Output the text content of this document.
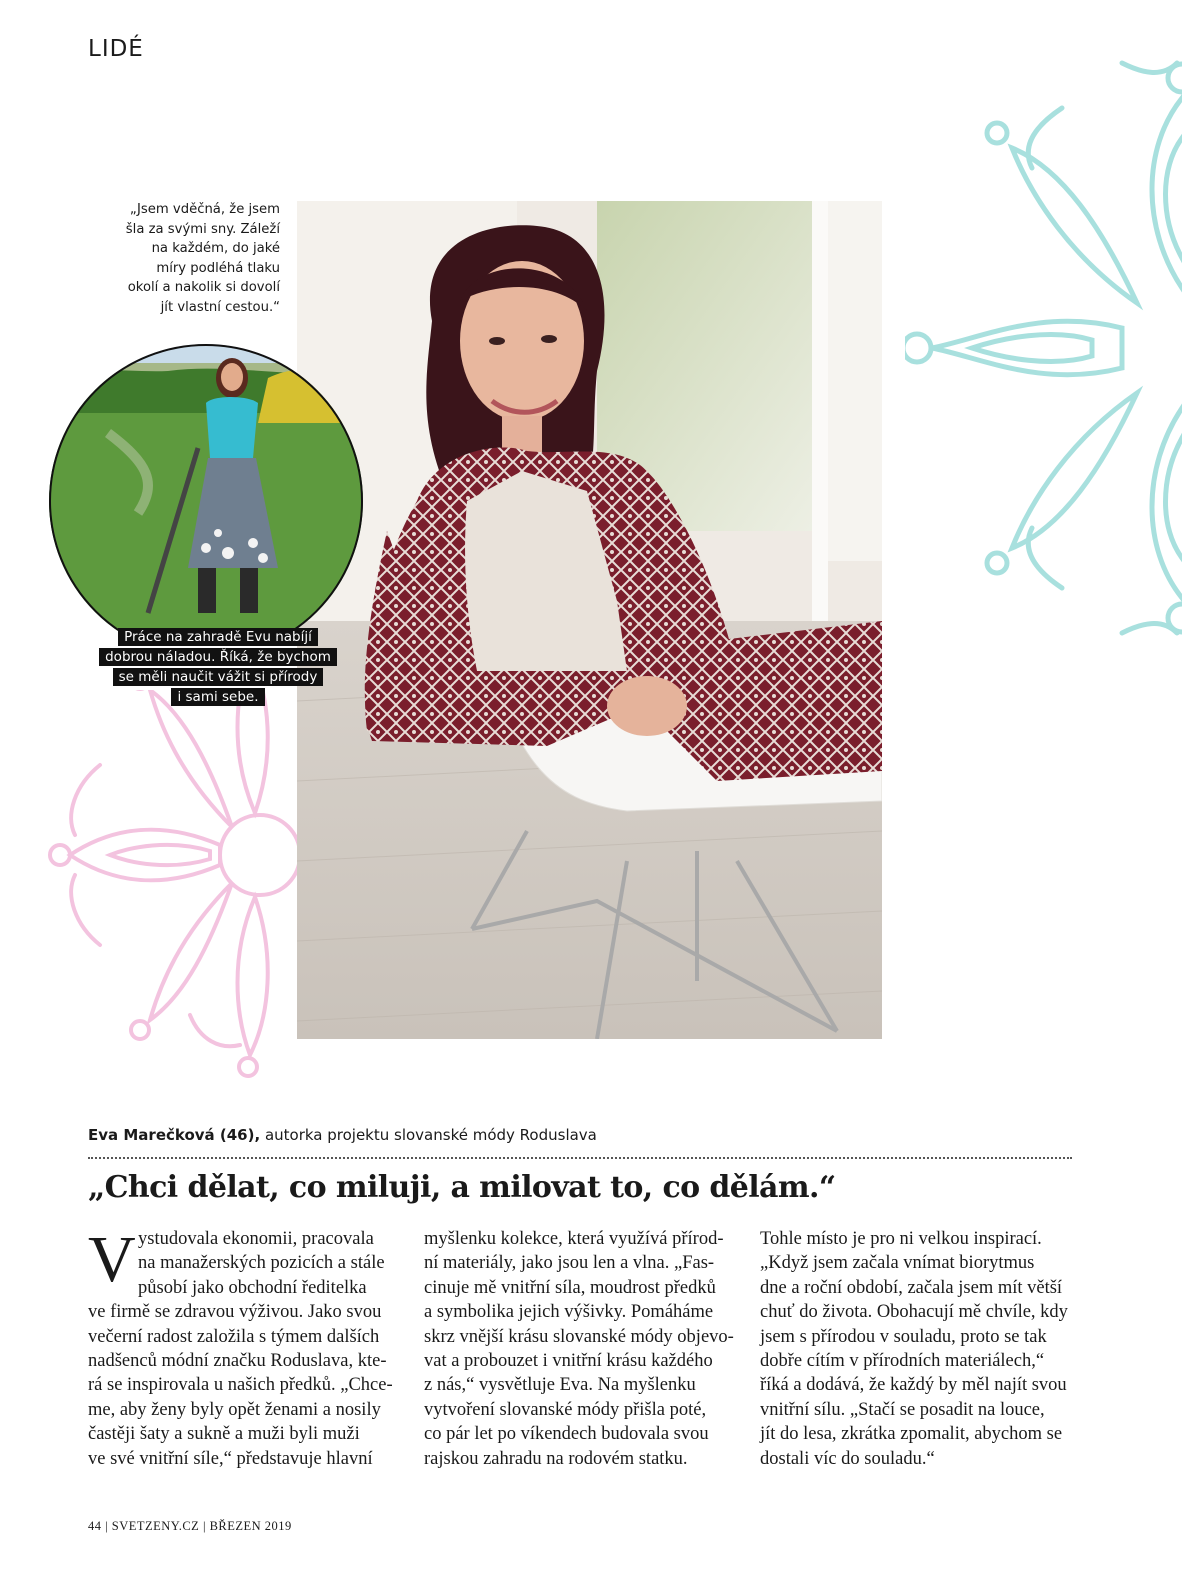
LIDÉ
„Jsem vděčná, že jsem
šla za svými sny. Záleží
na každém, do jaké
míry podléhá tlaku
okolí a nakolik si dovolí
jít vlastní cestou.“
Práce na zahradě Evu nabíjí
dobrou náladou. Říká, že bychom
se měli naučit vážit si přírody
i sami sebe.
Eva Marečková (46), autorka projektu slovanské módy Roduslava
„Chci dělat, co miluji, a milovat to, co dělám.“
V ystudovala ekonomii, pracovala
na manažerských pozicích a stále
působí jako obchodní ředitelka
ve firmě se zdravou výživou. Jako svou
večerní radost založila s týmem dalších
nadšenců módní značku Roduslava, kte-
rá se inspirovala u našich předků. „Chce-
me, aby ženy byly opět ženami a nosily
častěji šaty a sukně a muži byli muži
ve své vnitřní síle,“ představuje hlavní
myšlenku kolekce, která využívá přírod-
ní materiály, jako jsou len a vlna. „Fas-
cinuje mě vnitřní síla, moudrost předků
a symbolika jejich výšivky. Pomáháme
skrz vnější krásu slovanské módy objevo-
vat a probouzet i vnitřní krásu každého
z nás,“ vysvětluje Eva. Na myšlenku
vytvoření slovanské módy přišla poté,
co pár let po víkendech budovala svou
rajskou zahradu na rodovém statku.
Tohle místo je pro ni velkou inspirací.
„Když jsem začala vnímat biorytmus
dne a roční období, začala jsem mít větší
chuť do života. Obohacují mě chvíle, kdy
jsem s přírodou v souladu, proto se tak
dobře cítím v přírodních materiálech,“
říká a dodává, že každý by měl najít svou
vnitřní sílu. „Stačí se posadit na louce,
jít do lesa, zkrátka zpomalit, abychom se
dostali víc do souladu.“
44 | SVETZENY.CZ | BŘEZEN 2019
